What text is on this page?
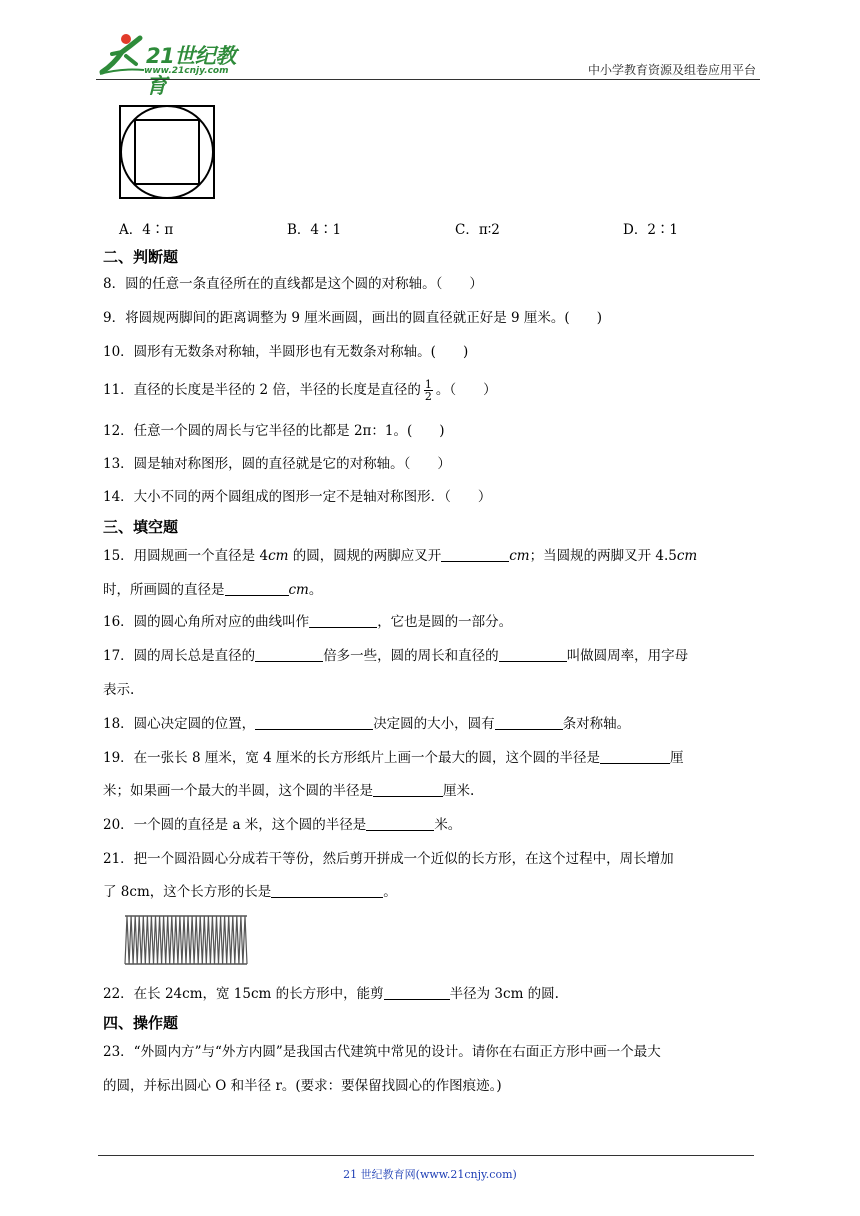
21世纪教育
www.21cnjy.com	中小学教育资源及组卷应用平台
A．4∶π	B．4∶1	C．π∶2	D．2∶1
二、判断题
8．圆的任意一条直径所在的直线都是这个圆的对称轴。（　　）
9．将圆规两脚间的距离调整为 9 厘米画圆，画出的圆直径就正好是 9 厘米。(　　)
10．圆形有无数条对称轴，半圆形也有无数条对称轴。(　　)
11．直径的长度是半径的 2 倍，半径的长度是直径的 $\frac{1}{2}$ 。（　　）
12．任意一个圆的周长与它半径的比都是 2π：1。(　　)
13．圆是轴对称图形，圆的直径就是它的对称轴。（　　）
14．大小不同的两个圆组成的图形一定不是轴对称图形．（　　）
三、填空题
15．用圆规画一个直径是 4cm 的圆，圆规的两脚应叉开	cm；当圆规的两脚叉开 4.5cm
时，所画圆的直径是	cm。
16．圆的圆心角所对应的曲线叫作	，它也是圆的一部分。
17．圆的周长总是直径的	倍多一些，圆的周长和直径的	叫做圆周率，用字母
表示.
18．圆心决定圆的位置，	决定圆的大小，圆有	条对称轴。
19．在一张长 8 厘米，宽 4 厘米的长方形纸片上画一个最大的圆，这个圆的半径是	厘
米；如果画一个最大的半圆，这个圆的半径是	厘米.
20．一个圆的直径是 a 米，这个圆的半径是	米。
21．把一个圆沿圆心分成若干等份，然后剪开拼成一个近似的长方形，在这个过程中，周长增加
了 8cm，这个长方形的长是	。
22．在长 24cm，宽 15cm 的长方形中，能剪	半径为 3cm 的圆.
四、操作题
23．“外圆内方”与“外方内圆”是我国古代建筑中常见的设计。请你在右面正方形中画一个最大
的圆，并标出圆心 O 和半径 r。(要求：要保留找圆心的作图痕迹。)
21 世纪教育网(www.21cnjy.com)
